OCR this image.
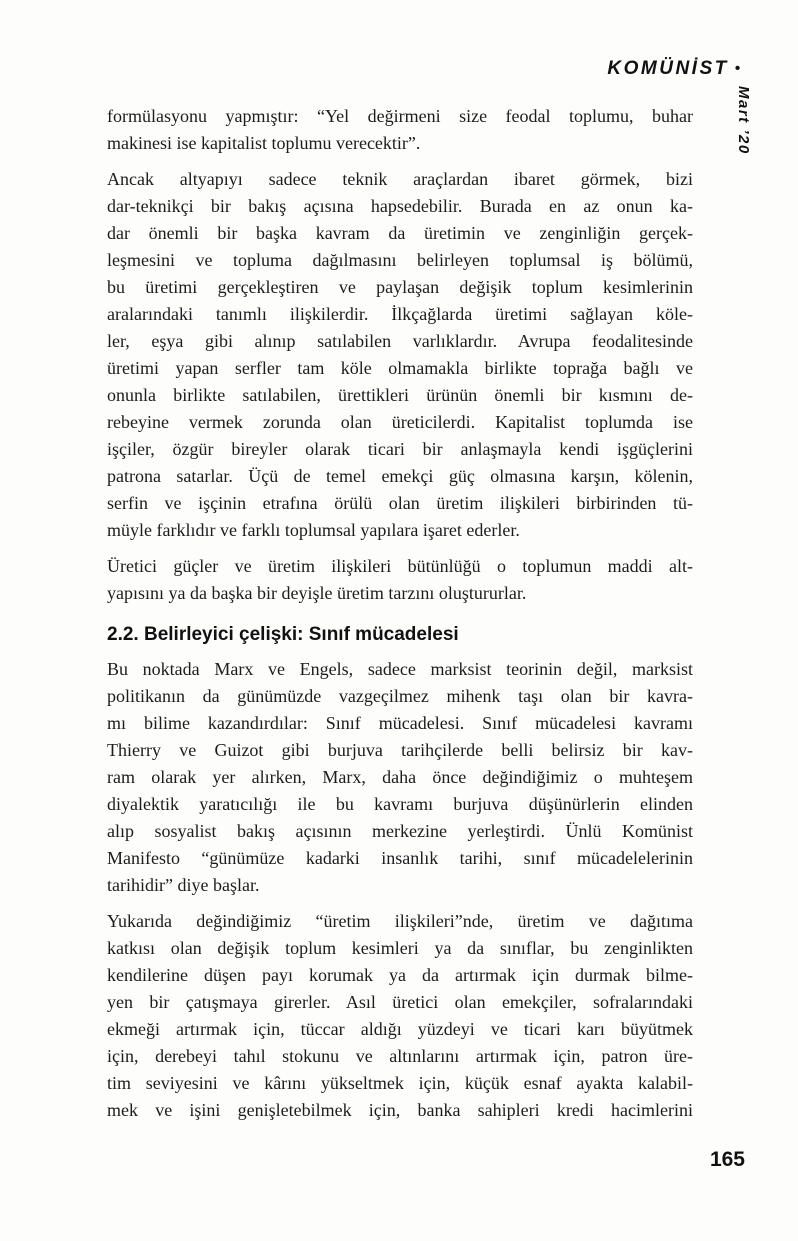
KOMÜNİST •
Mart ’20
formülasyonu yapmıştır: “Yel değirmeni size feodal toplumu, buhar
makinesi ise kapitalist toplumu verecektir”.
Ancak altyapıyı sadece teknik araçlardan ibaret görmek, bizi
dar-teknikçi bir bakış açısına hapsedebilir. Burada en az onun ka-
dar önemli bir başka kavram da üretimin ve zenginliğin gerçek-
leşmesini ve topluma dağılmasını belirleyen toplumsal iş bölümü,
bu üretimi gerçekleştiren ve paylaşan değişik toplum kesimlerinin
aralarındaki tanımlı ilişkilerdir. İlkçağlarda üretimi sağlayan köle-
ler, eşya gibi alınıp satılabilen varlıklardır. Avrupa feodalitesinde
üretimi yapan serfler tam köle olmamakla birlikte toprağa bağlı ve
onunla birlikte satılabilen, ürettikleri ürünün önemli bir kısmını de-
rebeyine vermek zorunda olan üreticilerdi. Kapitalist toplumda ise
işçiler, özgür bireyler olarak ticari bir anlaşmayla kendi işgüçlerini
patrona satarlar. Üçü de temel emekçi güç olmasına karşın, kölenin,
serfin ve işçinin etrafına örülü olan üretim ilişkileri birbirinden tü-
müyle farklıdır ve farklı toplumsal yapılara işaret ederler.
Üretici güçler ve üretim ilişkileri bütünlüğü o toplumun maddi alt-
yapısını ya da başka bir deyişle üretim tarzını oluştururlar.
2.2. Belirleyici çelişki: Sınıf mücadelesi
Bu noktada Marx ve Engels, sadece marksist teorinin değil, marksist
politikanın da günümüzde vazgeçilmez mihenk taşı olan bir kavra-
mı bilime kazandırdılar: Sınıf mücadelesi. Sınıf mücadelesi kavramı
Thierry ve Guizot gibi burjuva tarihçilerde belli belirsiz bir kav-
ram olarak yer alırken, Marx, daha önce değindiğimiz o muhteşem
diyalektik yaratıcılığı ile bu kavramı burjuva düşünürlerin elinden
alıp sosyalist bakış açısının merkezine yerleştirdi. Ünlü Komünist
Manifesto “günümüze kadarki insanlık tarihi, sınıf mücadelelerinin
tarihidir” diye başlar.
Yukarıda değindiğimiz “üretim ilişkileri”nde, üretim ve dağıtıma
katkısı olan değişik toplum kesimleri ya da sınıflar, bu zenginlikten
kendilerine düşen payı korumak ya da artırmak için durmak bilme-
yen bir çatışmaya girerler. Asıl üretici olan emekçiler, sofralarındaki
ekmeği artırmak için, tüccar aldığı yüzdeyi ve ticari karı büyütmek
için, derebeyi tahıl stokunu ve altınlarını artırmak için, patron üre-
tim seviyesini ve kârını yükseltmek için, küçük esnaf ayakta kalabil-
mek ve işini genişletebilmek için, banka sahipleri kredi hacimlerini
165
